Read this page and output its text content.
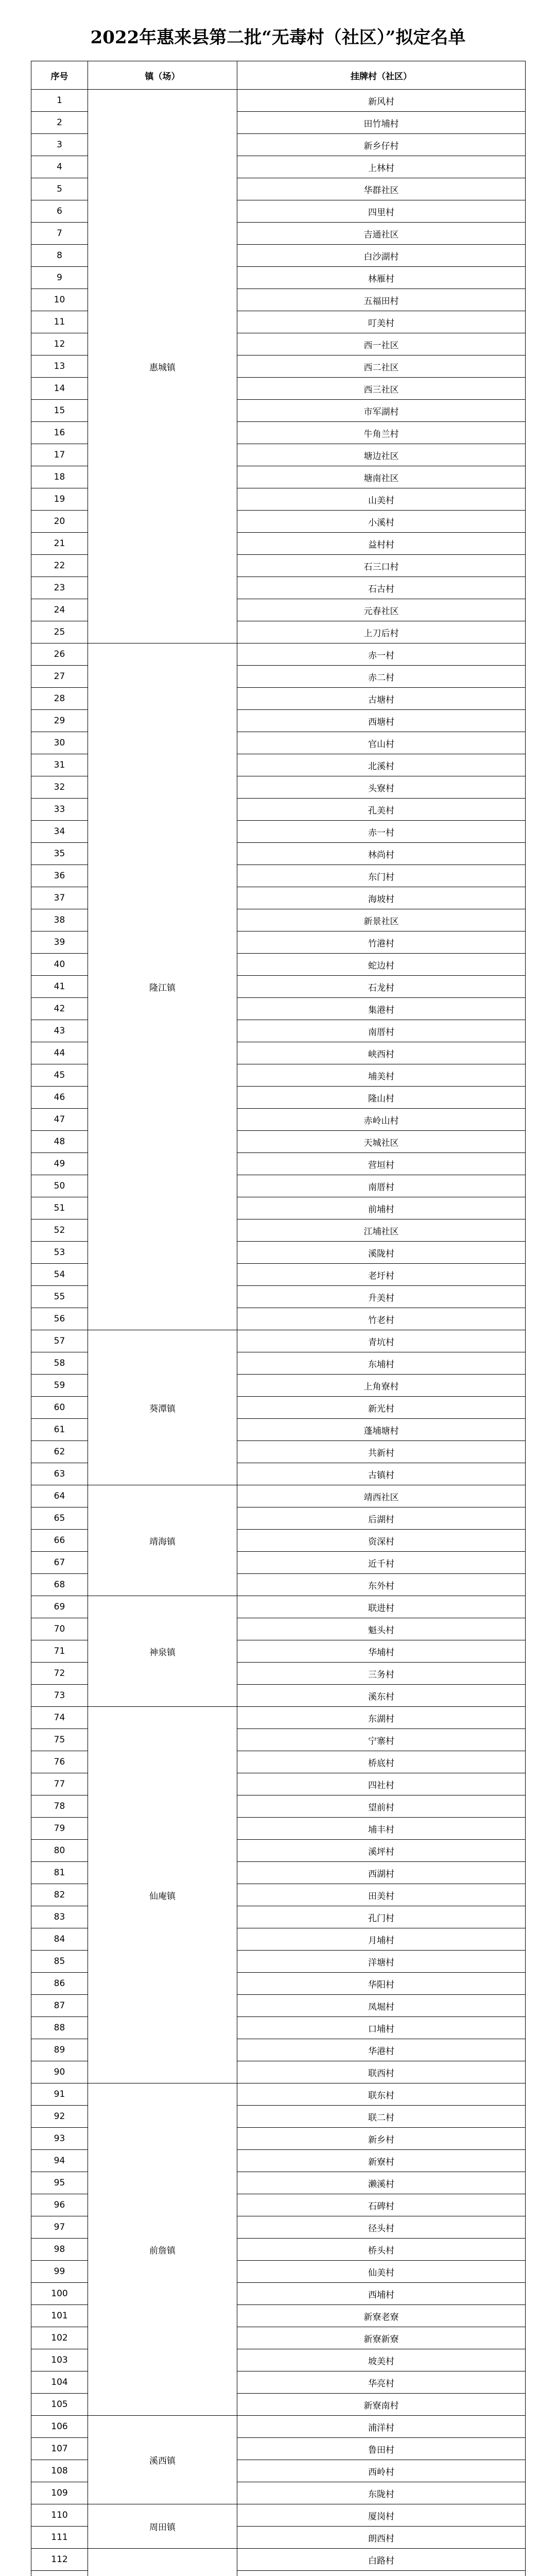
2022年惠来县第二批“无毒村（社区）”拟定名单
序号	镇（场）	挂牌村（社区）
1	惠城镇	新风村
2		田竹埔村
3		新乡仔村
4		上林村
5		华群社区
6		四里村
7		吉通社区
8		白沙湖村
9		林雁村
10		五福田村
11		叮美村
12		西一社区
13		西二社区
14		西三社区
15		市军湖村
16		牛角兰村
17		塘边社区
18		塘南社区
19		山美村
20		小溪村
21		益村村
22		石三口村
23		石古村
24		元春社区
25		上刀后村
26	隆江镇	赤一村
27		赤二村
28		古塘村
29		西塘村
30		官山村
31		北溪村
32		头寮村
33		孔美村
34		赤一村
35		林尚村
36		东门村
37		海坡村
38		新景社区
39		竹港村
40		蛇边村
41		石龙村
42		集港村
43		南厝村
44		峡西村
45		埔美村
46		隆山村
47		赤岭山村
48		天城社区
49		营垣村
50		南厝村
51		前埔村
52		江埔社区
53		溪陇村
54		老圩村
55		升美村
56		竹老村
57	葵潭镇	青坑村
58		东埔村
59		上角寮村
60		新光村
61		蓬埔塘村
62		共新村
63		古镇村
64	靖海镇	靖西社区
65		后湖村
66		资深村
67		近千村
68		东外村
69	神泉镇	联进村
70		魁头村
71		华埔村
72		三务村
73		溪东村
74	仙庵镇	东湖村
75		宁寨村
76		桥底村
77		四社村
78		望前村
79		埔丰村
80		溪坪村
81		西湖村
82		田美村
83		孔门村
84		月埔村
85		洋塘村
86		华阳村
87		凤堀村
88		口埔村
89		华港村
90		联西村
91	前詹镇	联东村
92		联二村
93		新乡村
94		新寮村
95		濑溪村
96		石碑村
97		径头村
98		桥头村
99		仙美村
100		西埔村
101		新寮老寮
102		新寮新寮
103		坡美村
104		华亮村
105		新寮南村
106	溪西镇	浦洋村
107		鲁田村
108		西岭村
109		东陇村
110	周田镇	厦岗村
111		朗西村
112		白路村
